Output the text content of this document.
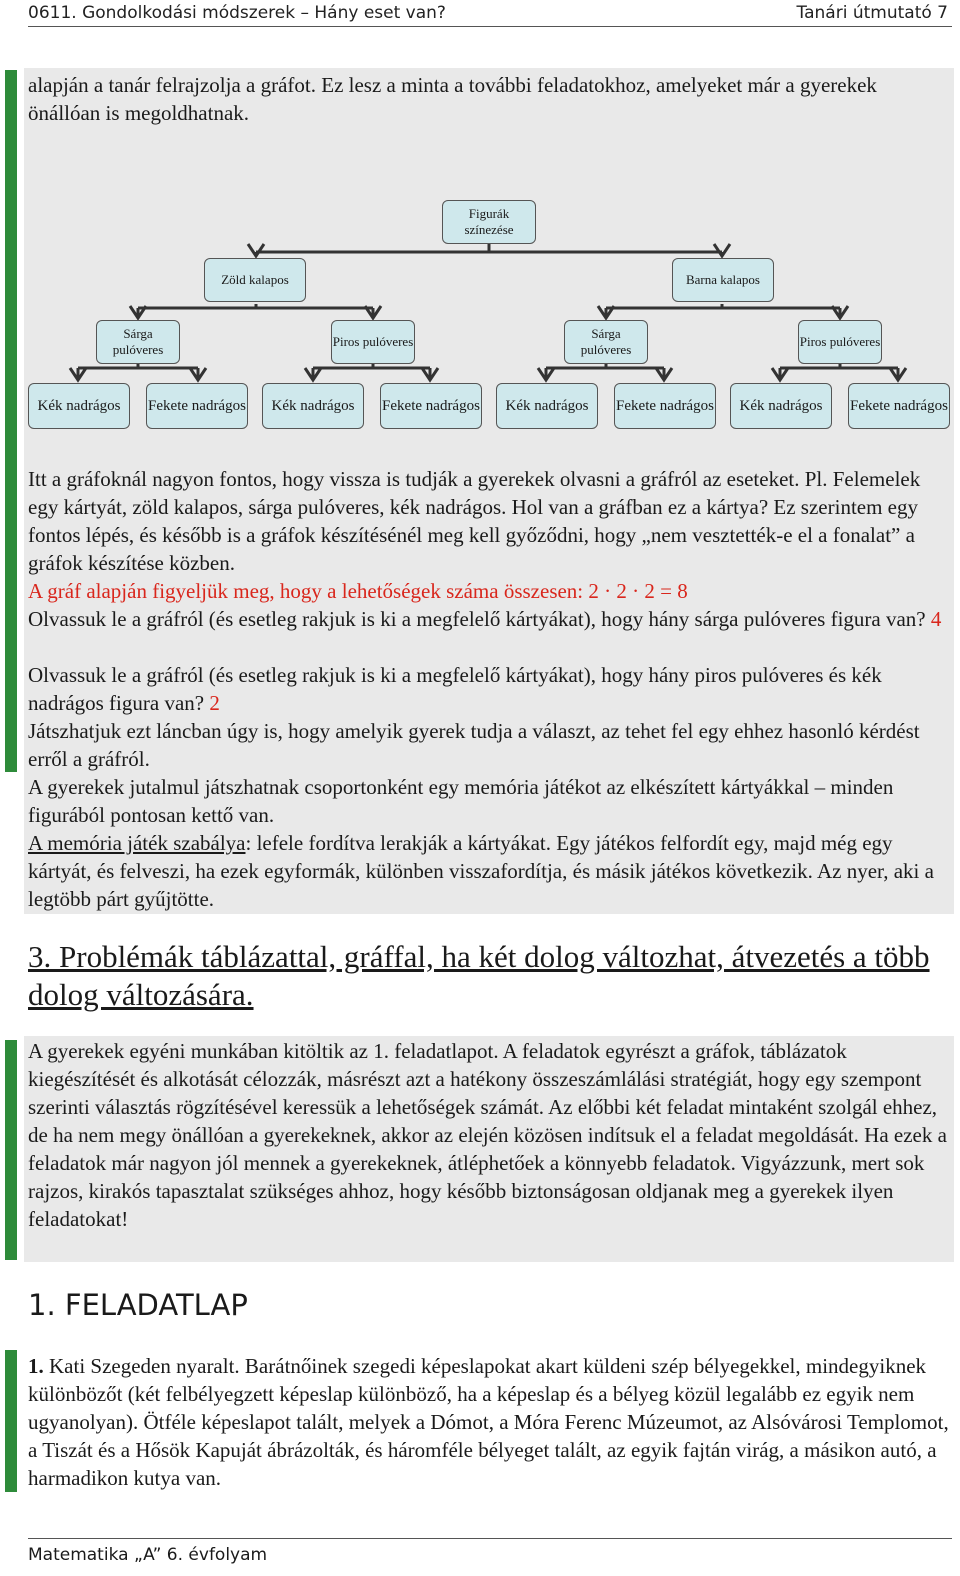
0611. Gondolkodási módszerek – Hány eset van?	Tanári útmutató 7

alapján a tanár felrajzolja a gráfot. Ez lesz a minta a további feladatokhoz, amelyeket már a gyerekek önállóan is megoldhatnak.

Figurák színezése
Zöld kalapos	Barna kalapos
Sárga pulóveres
Piros pulóveres
Sárga pulóveres
Piros pulóveres
Kék nadrágos	Fekete nadrágos	Kék nadrágos	Fekete nadrágos	Kék nadrágos	Fekete nadrágos	Kék nadrágos	Fekete nadrágos

Itt a gráfoknál nagyon fontos, hogy vissza is tudják a gyerekek olvasni a gráfról az eseteket. Pl. Felemelek egy kártyát, zöld kalapos, sárga pulóveres, kék nadrágos. Hol van a gráfban ez a kártya? Ez szerintem egy fontos lépés, és később is a gráfok készítésénél meg kell győződni, hogy „nem vesztették-e el a fonalat” a gráfok készítése közben.

A gráf alapján figyeljük meg, hogy a lehetőségek száma összesen: 2 · 2 · 2 = 8

Olvassuk le a gráfról (és esetleg rakjuk is ki a megfelelő kártyákat), hogy hány sárga pulóveres figura van? 4

Olvassuk le a gráfról (és esetleg rakjuk is ki a megfelelő kártyákat), hogy hány piros pulóveres és kék nadrágos figura van? 2

Játszhatjuk ezt láncban úgy is, hogy amelyik gyerek tudja a választ, az tehet fel egy ehhez hasonló kérdést erről a gráfról.

A gyerekek jutalmul játszhatnak csoportonként egy memória játékot az elkészített kártyákkal – minden figurából pontosan kettő van.

A memória játék szabálya: lefele fordítva lerakják a kártyákat. Egy játékos felfordít egy, majd még egy kártyát, és felveszi, ha ezek egyformák, különben visszafordítja, és másik játékos következik. Az nyer, aki a legtöbb párt gyűjtötte.

3. Problémák táblázattal, gráffal, ha két dolog változhat, átvezetés a több dolog változására.

A gyerekek egyéni munkában kitöltik az 1. feladatlapot. A feladatok egyrészt a gráfok, táblázatok kiegészítését és alkotását célozzák, másrészt azt a hatékony összeszámlálási stratégiát, hogy egy szempont szerinti választás rögzítésével keressük a lehetőségek számát. Az előbbi két feladat mintaként szolgál ehhez, de ha nem megy önállóan a gyerekeknek, akkor az elején közösen indítsuk el a feladat megoldását. Ha ezek a feladatok már nagyon jól mennek a gyerekeknek, átléphetőek a könnyebb feladatok. Vigyázzunk, mert sok rajzos, kirakós tapasztalat szükséges ahhoz, hogy később biztonságosan oldjanak meg a gyerekek ilyen feladatokat!

1. FELADATLAP

1. Kati Szegeden nyaralt. Barátnőinek szegedi képeslapokat akart küldeni szép bélyegekkel, mindegyiknek különbözőt (két felbélyegzett képeslap különböző, ha a képeslap és a bélyeg közül legalább ez egyik nem ugyanolyan). Ötféle képeslapot talált, melyek a Dómot, a Móra Ferenc Múzeumot, az Alsóvárosi Templomot, a Tiszát és a Hősök Kapuját ábrázolták, és háromféle bélyeget talált, az egyik fajtán virág, a másikon autó, a harmadikon kutya van.

Matematika „A” 6. évfolyam
